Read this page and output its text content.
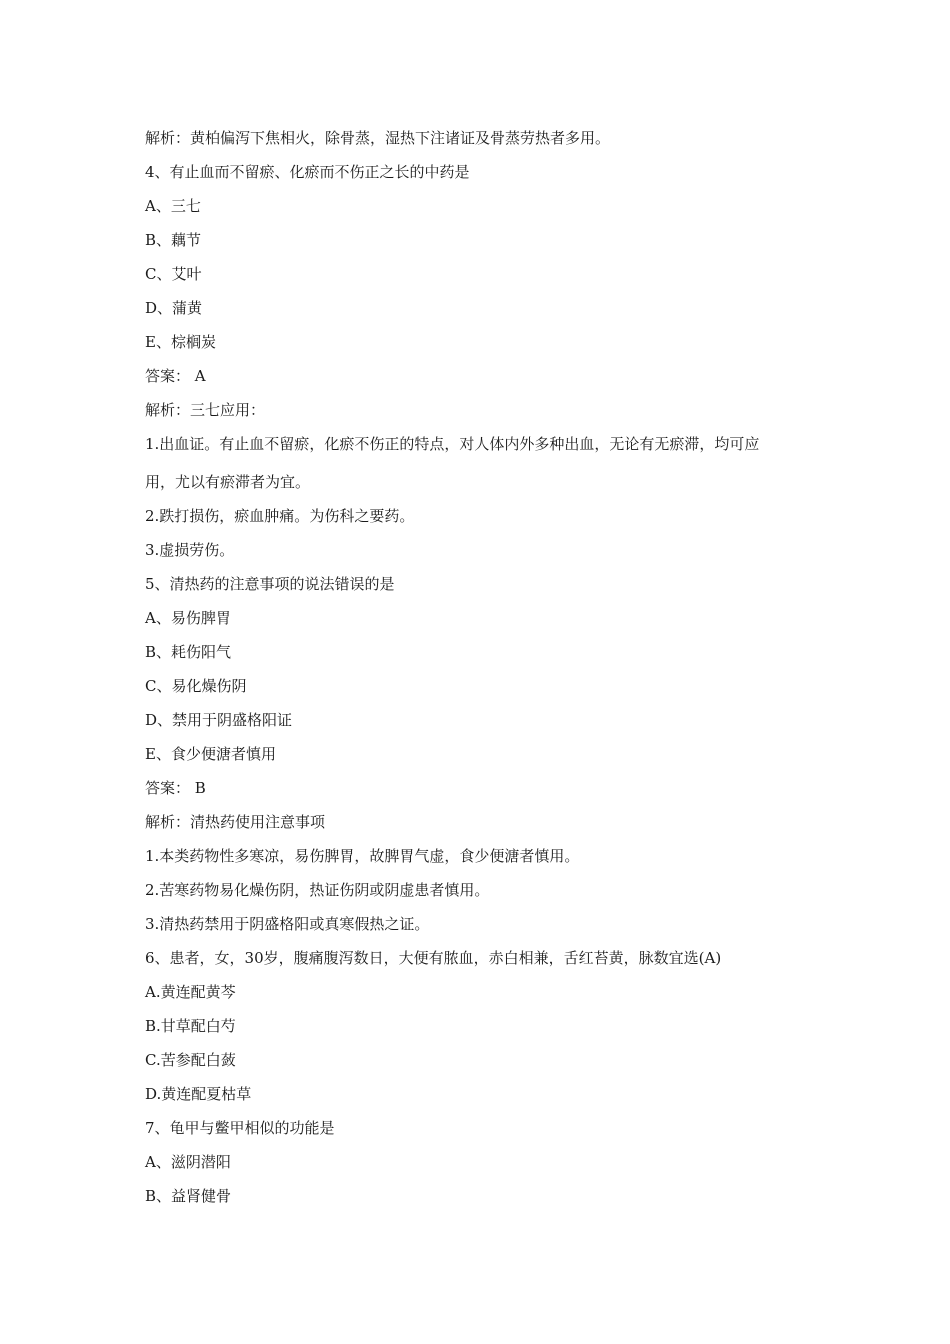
解析：黄柏偏泻下焦相火，除骨蒸，湿热下注诸证及骨蒸劳热者多用。
4、有止血而不留瘀、化瘀而不伤正之长的中药是
A、三七
B、藕节
C、艾叶
D、蒲黄
E、棕榈炭
答案： A
解析：三七应用：
1.出血证。有止血不留瘀，化瘀不伤正的特点，对人体内外多种出血，无论有无瘀滞，均可应
用，尤以有瘀滞者为宜。
2.跌打损伤，瘀血肿痛。为伤科之要药。
3.虚损劳伤。
5、清热药的注意事项的说法错误的是
A、易伤脾胃
B、耗伤阳气
C、易化燥伤阴
D、禁用于阴盛格阳证
E、食少便溏者慎用
答案： B
解析：清热药使用注意事项
1.本类药物性多寒凉，易伤脾胃，故脾胃气虚，食少便溏者慎用。
2.苦寒药物易化燥伤阴，热证伤阴或阴虚患者慎用。
3.清热药禁用于阴盛格阳或真寒假热之证。
6、患者，女，30岁，腹痛腹泻数日，大便有脓血，赤白相兼，舌红苔黄，脉数宜选(A)
A.黄连配黄芩
B.甘草配白芍
C.苦参配白蔹
D.黄连配夏枯草
7、龟甲与鳖甲相似的功能是
A、滋阴潜阳
B、益肾健骨
